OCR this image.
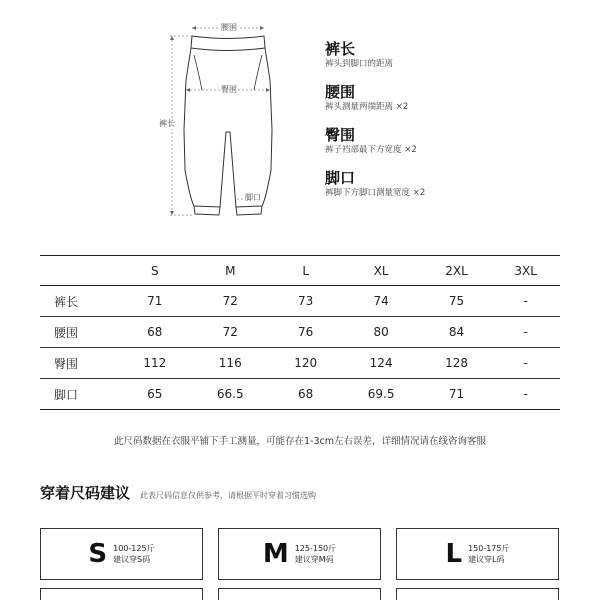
腰围
臀围
裤长
脚口
裤长
裤头到脚口的距离
腰围
裤头测量两端距离 ×2
臀围
裤子裆部最下方宽度 ×2
脚口
裤脚下方脚口测量宽度 ×2
	S	M	L	XL	2XL	3XL
裤长	71	72	73	74	75	-
腰围	68	72	76	80	84	-
臀围	112	116	120	124	128	-
脚口	65	66.5	68	69.5	71	-
此尺码数据在衣服平铺下手工测量，可能存在1-3cm左右误差，详细情况请在线咨询客服
穿着尺码建议 此表尺码信息仅供参考，请根据平时穿着习惯选购
S 100-125斤
建议穿S码	M 125-150斤
建议穿M码	L 150-175斤
建议穿L码
